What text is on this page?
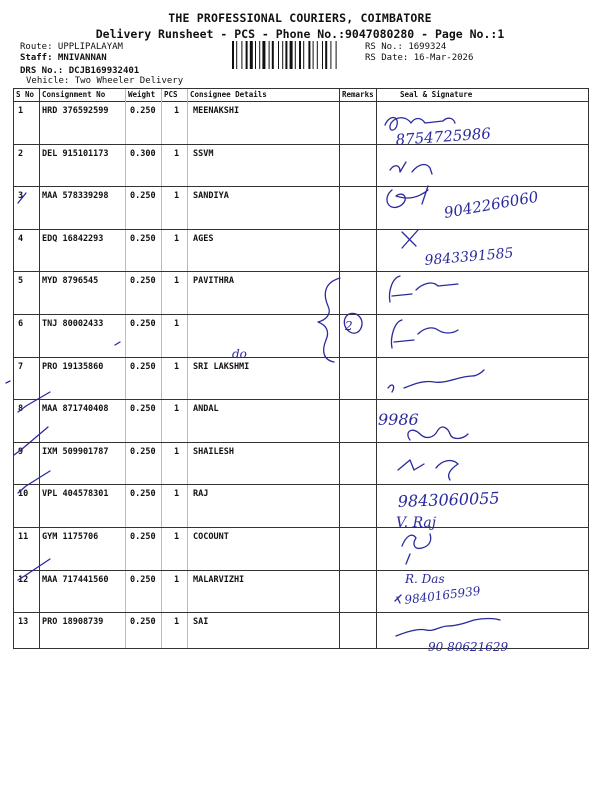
THE PROFESSIONAL COURIERS, COIMBATORE
Delivery Runsheet - PCS - Phone No.:9047080280 - Page No.:1
Route: UPPLIPALAYAM
Staff: MNIVANNAN
DRS No.: DCJB169932401
Vehicle: Two Wheeler Delivery
RS No.: 1699324
RS Date: 16-Mar-2026
S No Consignment No	Weight PCS Consignee Details	Remarks	Seal & Signature
1 HRD 376592599	0.250 1 MEENAKSHI
2 DEL 915101173	0.300 1 SSVM
3 MAA 578339298	0.250 1 SANDIYA
4 EDQ 16842293	0.250 1 AGES
5 MYD 8796545	0.250 1 PAVITHRA
6 TNJ 80002433	0.250 1
7 PRO 19135860	0.250 1 SRI LAKSHMI
8 MAA 871740408	0.250 1 ANDAL
9 IXM 509901787	0.250 1 SHAILESH
10 VPL 404578301	0.250 1 RAJ
11 GYM 1175706	0.250 1 COCOUNT
12 MAA 717441560	0.250 1 MALARVIZHI
13 PRO 18908739	0.250 1 SAI
8754725986
9042266060
9843391585
2
do
9986
9843060055
V. Raj
R. Das
9840165939
90 80621629
